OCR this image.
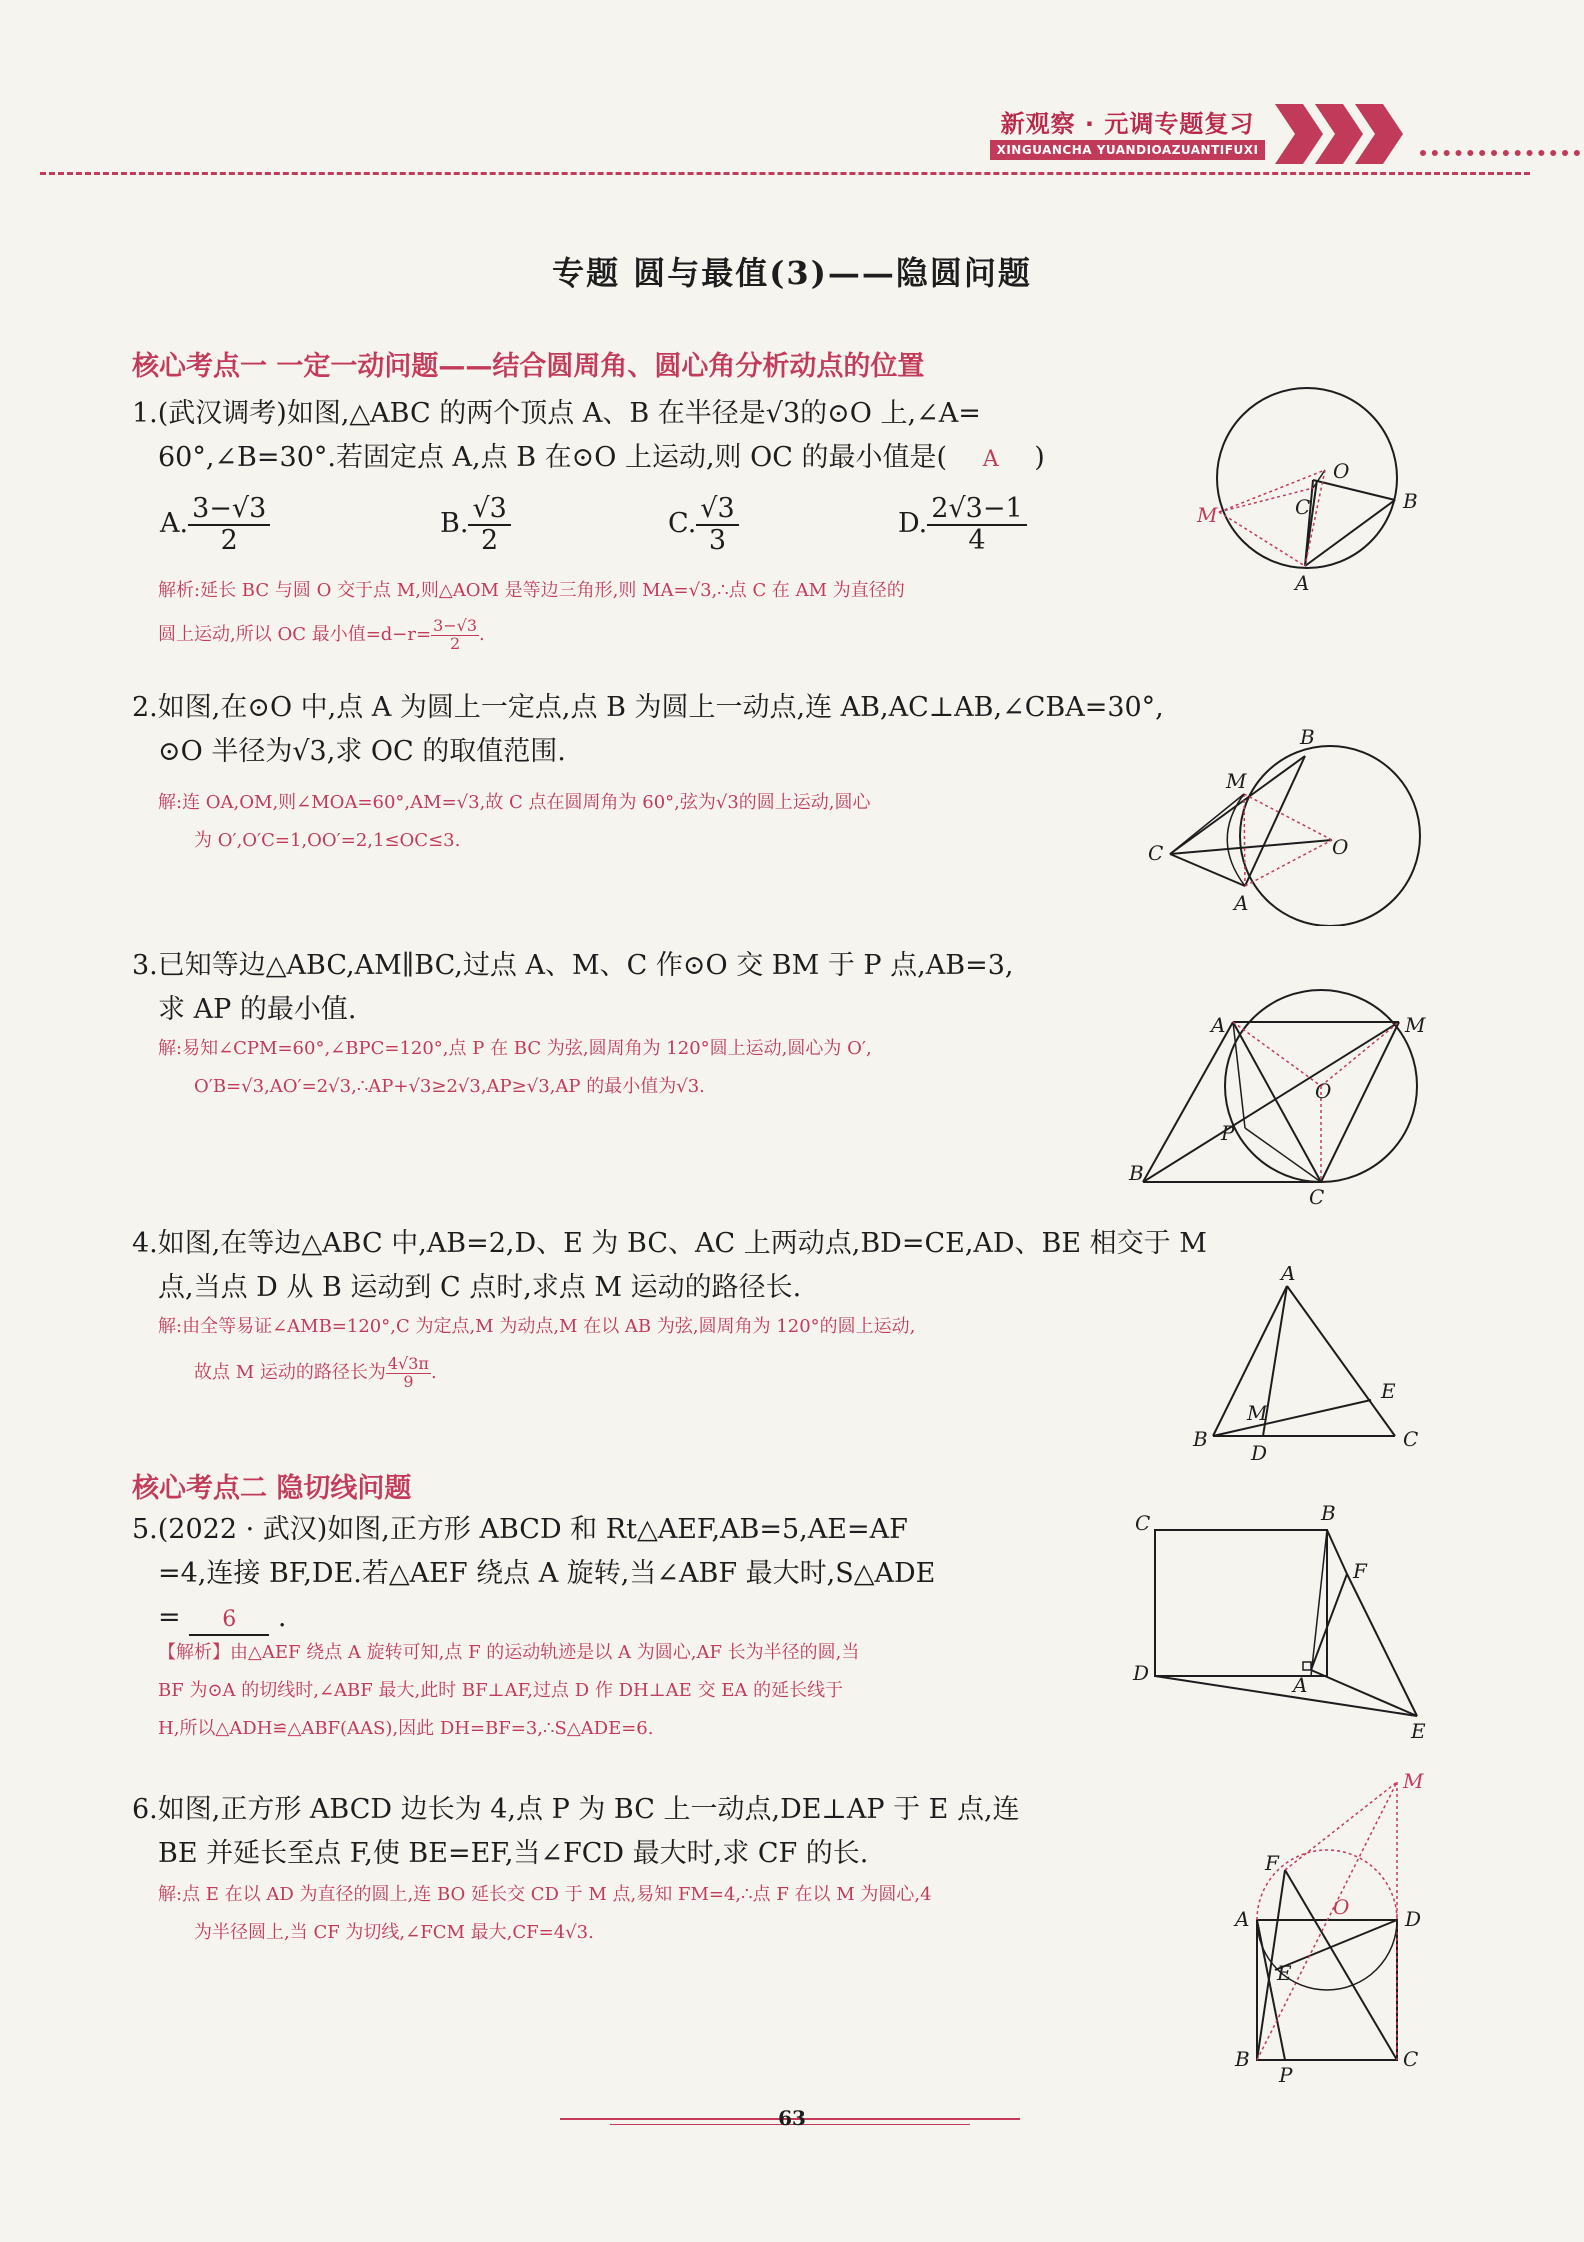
新观察 · 元调专题复习
XINGUANCHA YUANDIOAZUANTIFUXI
专题 圆与最值(3)——隐圆问题
核心考点一 一定一动问题——结合圆周角、圆心角分析动点的位置
1.(武汉调考)如图,△ABC 的两个顶点 A、B 在半径是√3的⊙O 上,∠A=
60°,∠B=30°.若固定点 A,点 B 在⊙O 上运动,则 OC 的最小值是( A )
A. $\frac{3-√3}{2}$	B. $\frac{√3}{2}$	C. $\frac{√3}{3}$	D. $\frac{2√3-1}{4}$
解析:延长 BC 与圆 O 交于点 M,则△AOM 是等边三角形,则 MA=√3,∴点 C 在 AM 为直径的
圆上运动,所以 OC 最小值$=d-r= \frac{3-√3}{2}$ .
O
C	B
M
A
2.如图,在⊙O 中,点 A 为圆上一定点,点 B 为圆上一动点,连 AB,AC⊥AB,∠CBA=30°,
⊙O 半径为√3,求 OC 的取值范围.
解:连 OA,OM,则∠MOA=60°,AM=√3,故 C 点在圆周角为 60°,弦为√3的圆上运动,圆心
为 O′,O′C=1,OO′=2,1≤OC≤3.
B
M
C	O
A
3.已知等边△ABC,AM∥BC,过点 A、M、C 作⊙O 交 BM 于 P 点,AB=3,
求 AP 的最小值.
解:易知∠CPM=60°,∠BPC=120°,点 P 在 BC 为弦,圆周角为 120°圆上运动,圆心为 O′,
O′B=√3,AO′=2√3,∴AP+√3≥2√3,AP≥√3,AP 的最小值为√3.
A	M
O
P
B
C
4.如图,在等边△ABC 中,AB=2,D、E 为 BC、AC 上两动点,BD=CE,AD、BE 相交于 M
点,当点 D 从 B 运动到 C 点时,求点 M 运动的路径长.
解:由全等易证∠AMB=120°,C 为定点,M 为动点,M 在以 AB 为弦,圆周角为 120°的圆上运动,
故点 M 运动的路径长为 $\frac{4√3\pi}{9}$ .
A
E
M
B
D
C
核心考点二 隐切线问题
5.(2022 · 武汉)如图,正方形 ABCD 和 Rt△AEF,AB=5,AE=AF
=4,连接 BF,DE.若△AEF 绕点 A 旋转,当∠ABF 最大时,S△ADE
= 6 .
【解析】由△AEF 绕点 A 旋转可知,点 F 的运动轨迹是以 A 为圆心,AF 长为半径的圆,当
BF 为⊙A 的切线时,∠ABF 最大,此时 BF⊥AF,过点 D 作 DH⊥AE 交 EA 的延长线于
H,所以△ADH≌△ABF(AAS),因此 DH=BF=3,∴S△ADE=6.
C	B
F
D	A
E
6.如图,正方形 ABCD 边长为 4,点 P 为 BC 上一动点,DE⊥AP 于 E 点,连
BE 并延长至点 F,使 BE=EF,当∠FCD 最大时,求 CF 的长.
解:点 E 在以 AD 为直径的圆上,连 BO 延长交 CD 于 M 点,易知 FM=4,∴点 F 在以 M 为圆心,4
为半径圆上,当 CF 为切线,∠FCM 最大,CF=4√3.
M
F
O
A	D
E
B
P
C
63
